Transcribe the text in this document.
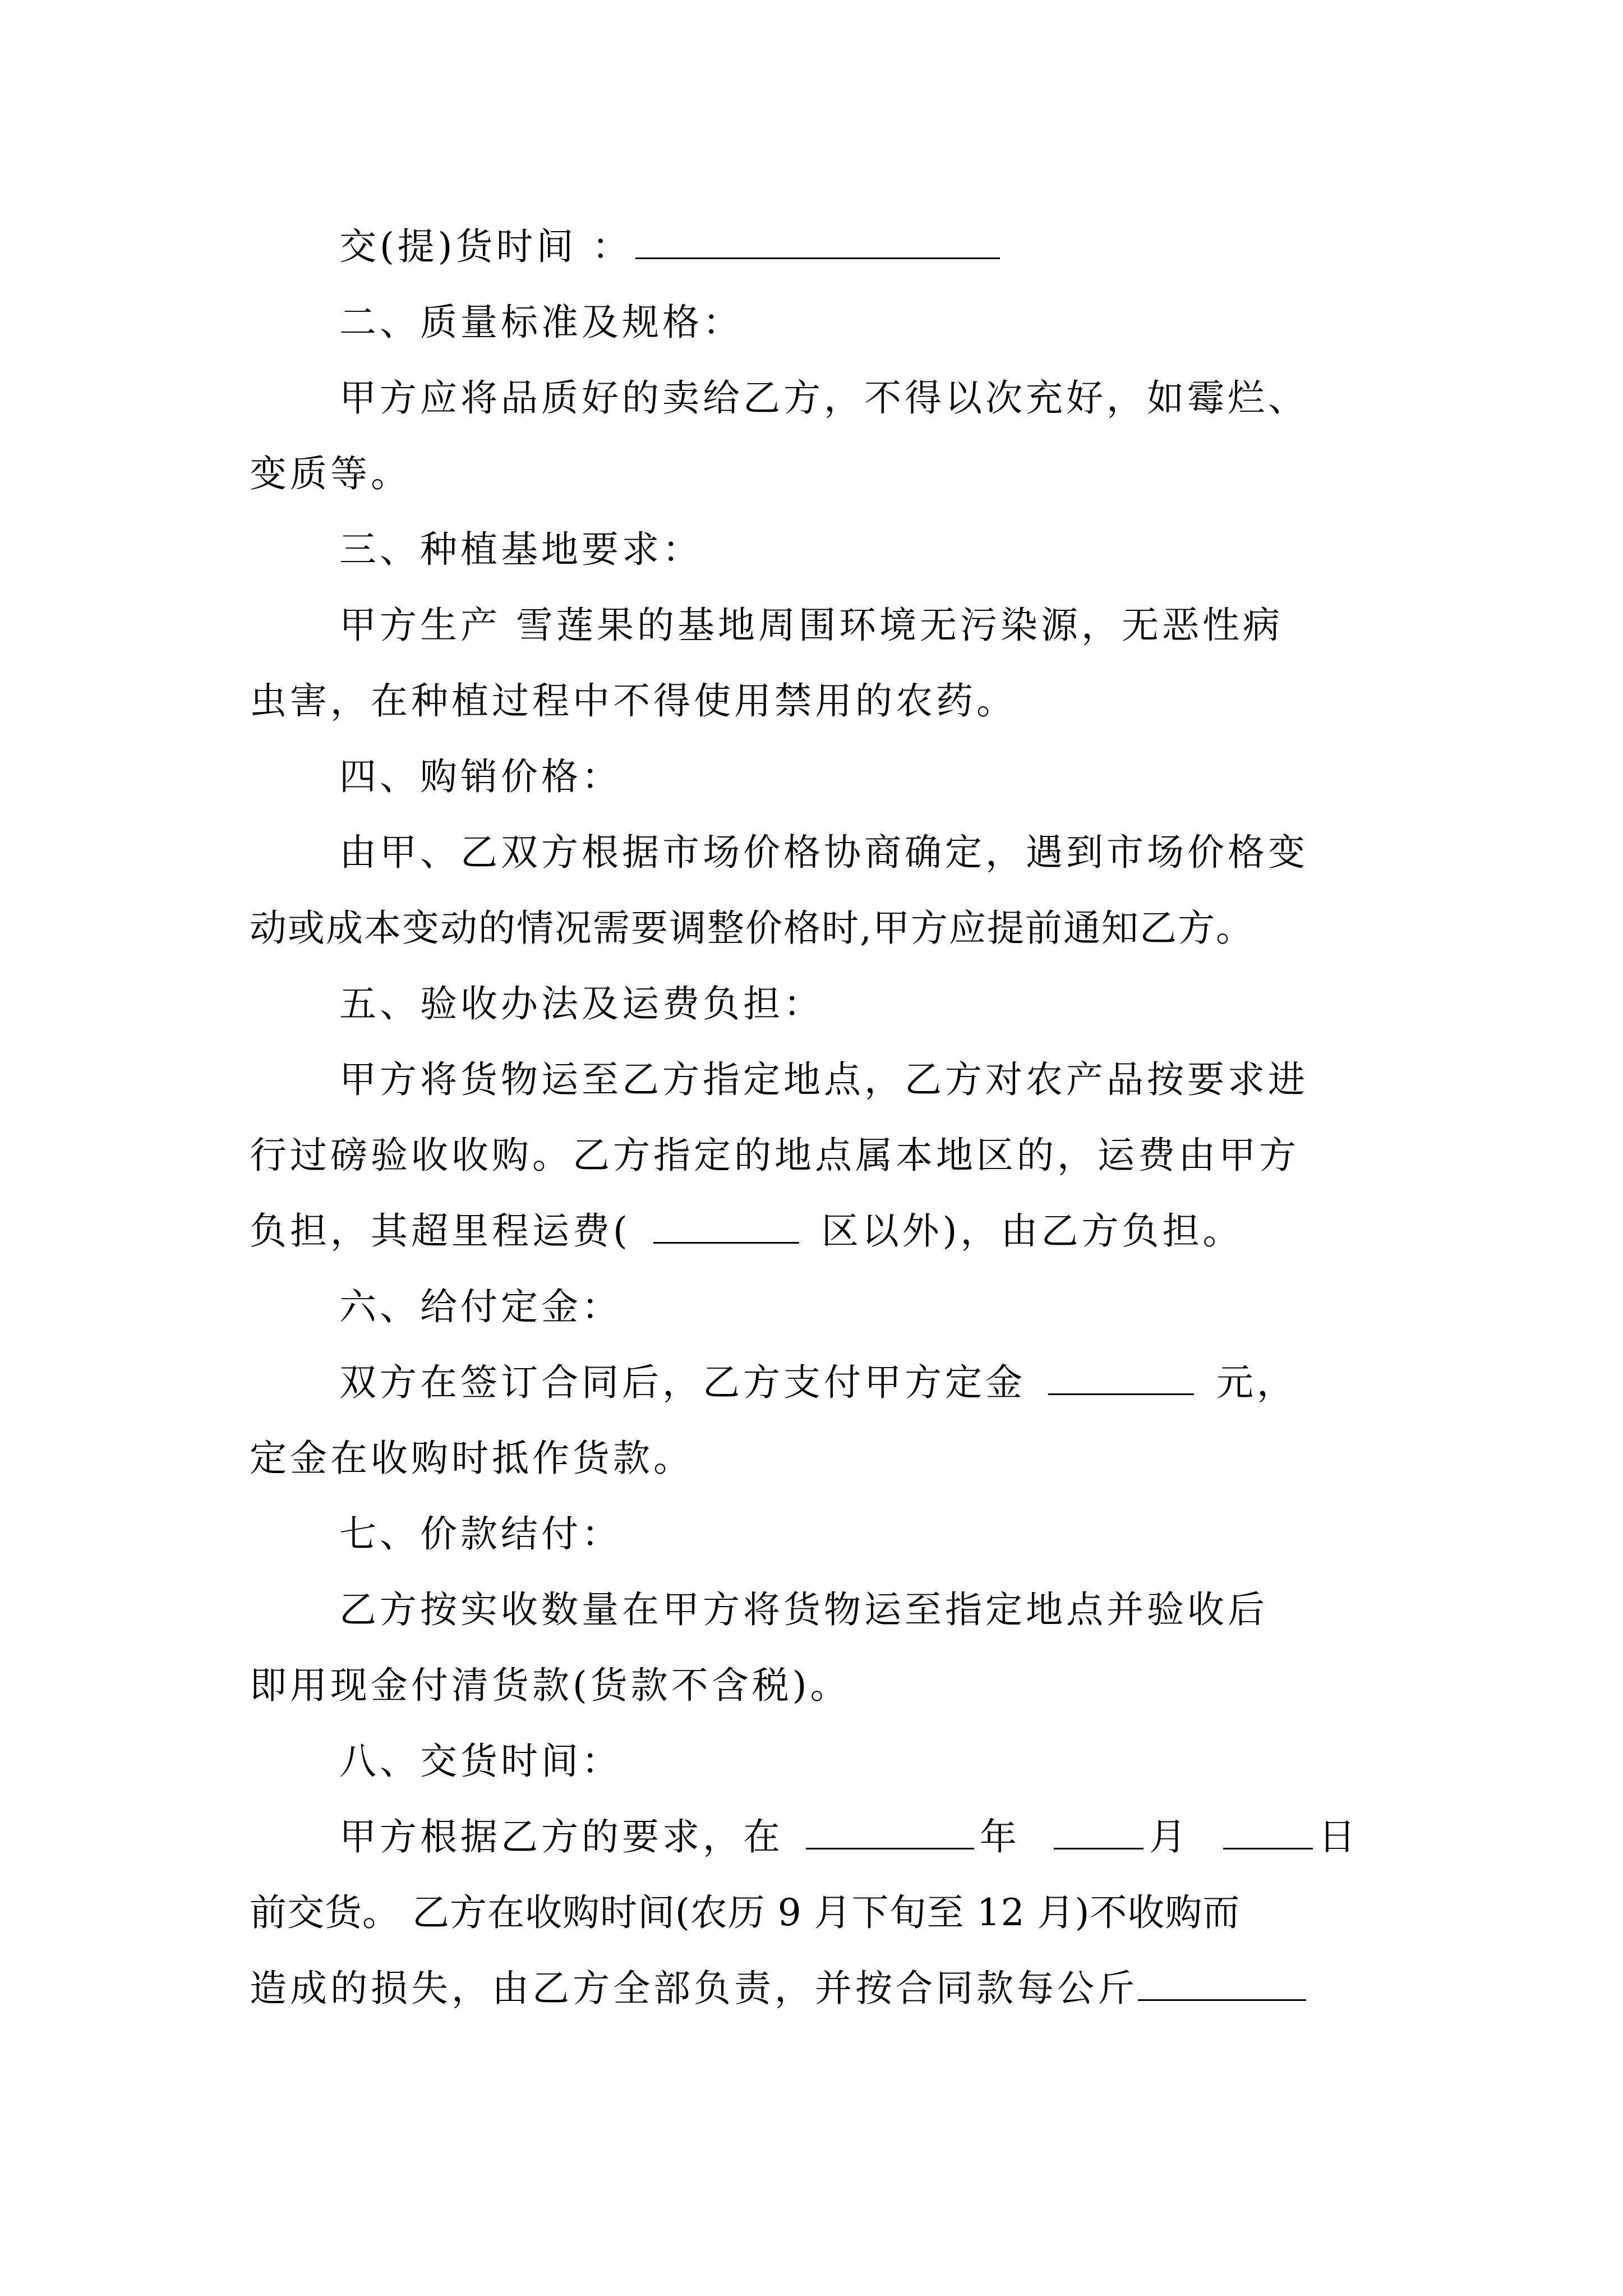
交(提)货时间 ：
二、质量标准及规格：
甲方应将品质好的卖给乙方，不得以次充好，如霉烂、
变质等。
三、种植基地要求：
甲方生产 雪莲果的基地周围环境无污染源，无恶性病
虫害，在种植过程中不得使用禁用的农药。
四、购销价格：
由甲、乙双方根据市场价格协商确定，遇到市场价格变
动或成本变动的情况需要调整价格时,甲方应提前通知乙方。
五、验收办法及运费负担：
甲方将货物运至乙方指定地点，乙方对农产品按要求进
行过磅验收收购。乙方指定的地点属本地区的，运费由甲方
负担，其超里程运费(	区以外)，由乙方负担。
六、给付定金：
双方在签订合同后，乙方支付甲方定金	元，
定金在收购时抵作货款。
七、价款结付：
乙方按实收数量在甲方将货物运至指定地点并验收后
即用现金付清货款(货款不含税)。
八、交货时间：
甲方根据乙方的要求，在	年	月	日
前交货。 乙方在收购时间(农历 9 月下旬至 12 月)不收购而
造成的损失，由乙方全部负责，并按合同款每公斤
